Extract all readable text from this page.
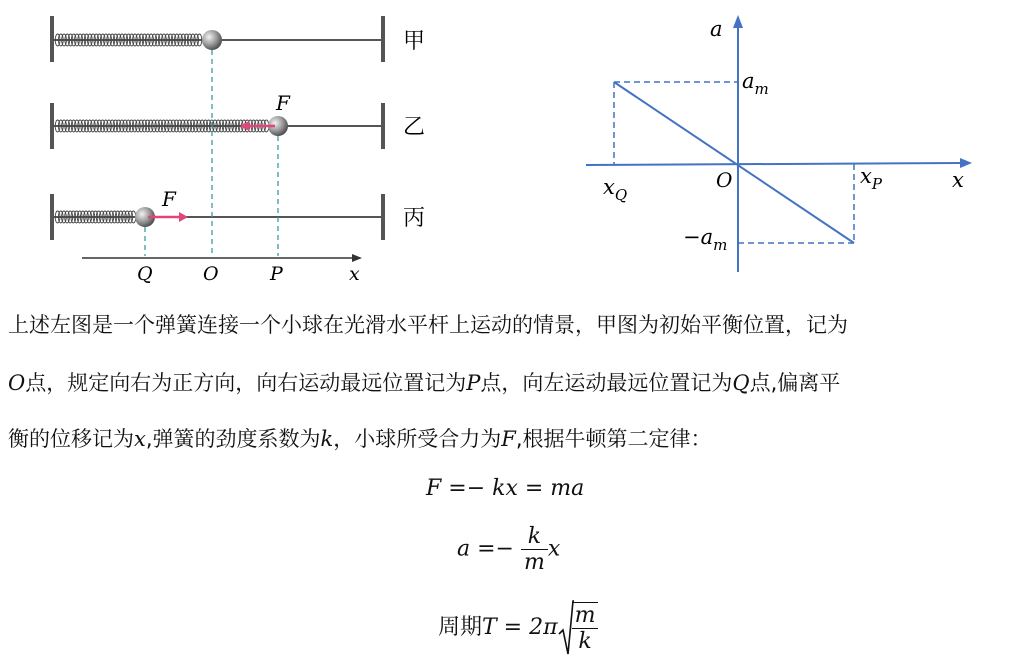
甲
F
乙
F
丙
Q	O	P	x
a
x
O
$a_m$
$-a_m$
$x_Q$
$x_P$
上述左图是一个弹簧连接一个小球在光滑水平杆上运动的情景，甲图为初始平衡位置，记为
O点，规定向右为正方向，向右运动最远位置记为P点，向左运动最远位置记为Q点,偏离平
衡的位移记为x,弹簧的劲度系数为k，小球所受合力为F,根据牛顿第二定律：
F =− kx = ma
$a =- \frac{k}{m}$ x
周期$T = 2\pi \frac{m}{k}$
